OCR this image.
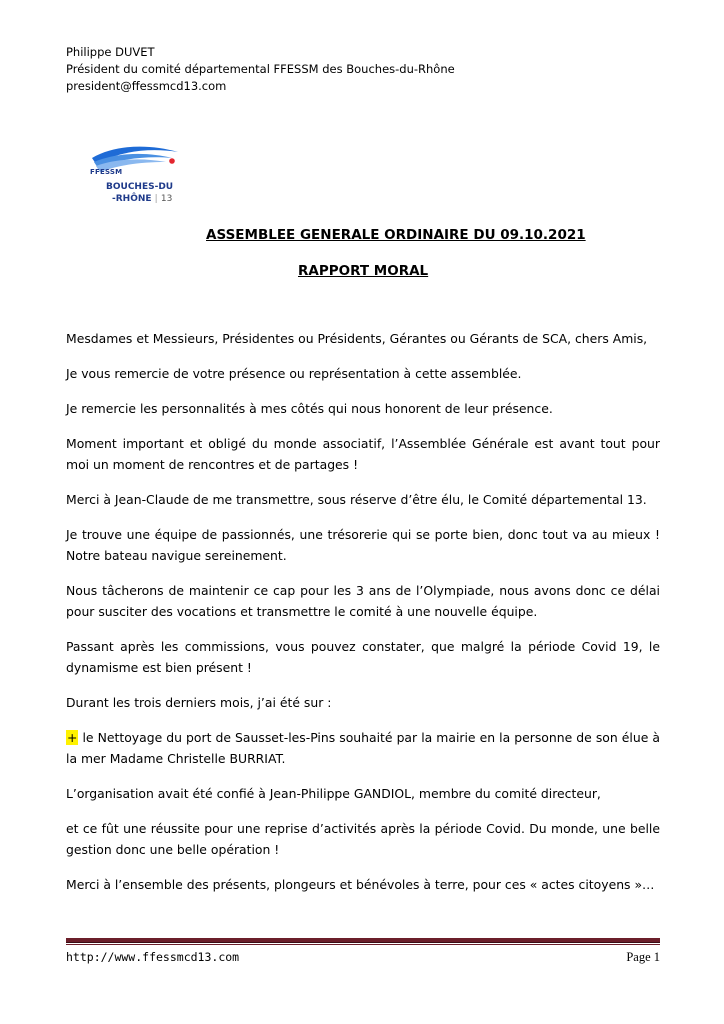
Philippe DUVET
Président du comité départemental FFESSM des Bouches-du-Rhône
president@ffessmcd13.com
FFESSM
BOUCHES-DU
-RHÔNE | 13
ASSEMBLEE GENERALE ORDINAIRE DU 09.10.2021
RAPPORT MORAL

Mesdames et Messieurs, Présidentes ou Présidents, Gérantes ou Gérants de SCA, chers Amis,

Je vous remercie de votre présence ou représentation à cette assemblée.

Je remercie les personnalités à mes côtés qui nous honorent de leur présence.

Moment important et obligé du monde associatif, l’Assemblée Générale est avant tout pour moi un moment de rencontres et de partages !

Merci à Jean-Claude de me transmettre, sous réserve d’être élu, le Comité départemental 13.

Je trouve une équipe de passionnés, une trésorerie qui se porte bien, donc tout va au mieux ! Notre bateau navigue sereinement.

Nous tâcherons de maintenir ce cap pour les 3 ans de l’Olympiade, nous avons donc ce délai pour susciter des vocations et transmettre le comité à une nouvelle équipe.

Passant après les commissions, vous pouvez constater, que malgré la période Covid 19, le dynamisme est bien présent !

Durant les trois derniers mois, j’ai été sur :

+ le Nettoyage du port de Sausset-les-Pins souhaité par la mairie en la personne de son élue à la mer Madame Christelle BURRIAT.

L’organisation avait été confié à Jean-Philippe GANDIOL, membre du comité directeur,

et ce fût une réussite pour une reprise d’activités après la période Covid. Du monde, une belle gestion donc une belle opération !

Merci à l’ensemble des présents, plongeurs et bénévoles à terre, pour ces « actes citoyens »…

http://www.ffessmcd13.com	Page 1
